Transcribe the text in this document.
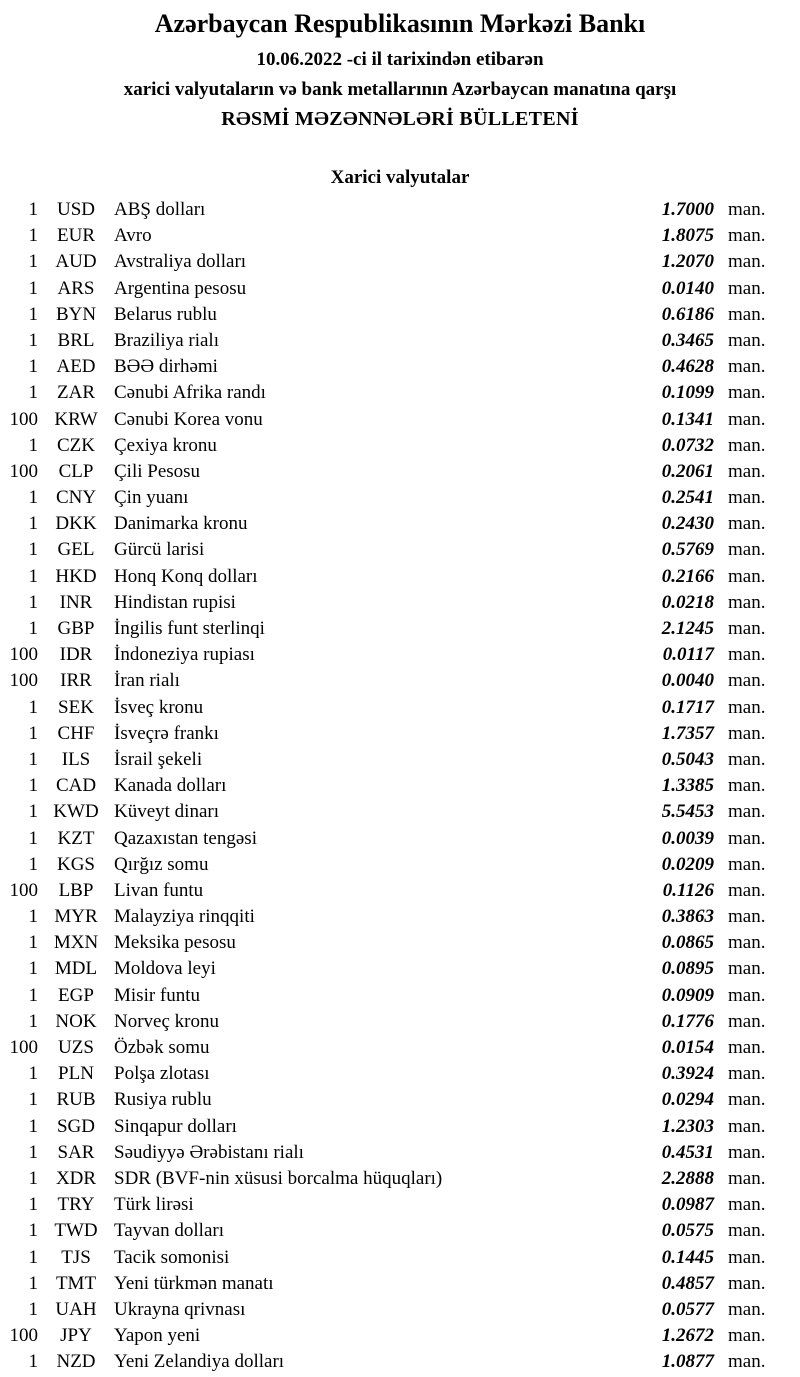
Azərbaycan Respublikasının Mərkəzi Bankı
10.06.2022 -ci il tarixindən etibarən
xarici valyutaların və bank metallarının Azərbaycan manatına qarşı
RƏSMİ MƏZƏNNƏLƏRİ BÜLLETENİ
Xarici valyutalar
1 USD	ABŞ dolları	1.7000 man.
1	EUR	Avro	1.8075 man.
1 AUD Avstraliya dolları	1.2070 man.
1	ARS	Argentina pesosu	0.0140 man.
1 BYN Belarus rublu	0.6186 man.
1	BRL	Braziliya rialı	0.3465 man.
1 AED BƏƏ dirhəmi	0.4628 man.
1	ZAR	Cənubi Afrika randı	0.1099 man.
100 KRW Cənubi Korea vonu	0.1341 man.
1	CZK	Çexiya kronu	0.0732 man.
100	CLP	Çili Pesosu	0.2061 man.
1 CNY Çin yuanı	0.2541 man.
1 DKK Danimarka kronu	0.2430 man.
1	GEL	Gürcü larisi	0.5769 man.
1 HKD Honq Konq dolları	0.2166 man.
1	INR	Hindistan rupisi	0.0218 man.
1	GBP	İngilis funt sterlinqi	2.1245 man.
100	IDR	İndoneziya rupiası	0.0117 man.
100	IRR	İran rialı	0.0040 man.
1	SEK	İsveç kronu	0.1717 man.
1	CHF	İsveçrə frankı	1.7357 man.
1	ILS	İsrail şekeli	0.5043 man.
1 CAD Kanada dolları	1.3385 man.
1 KWD Küveyt dinarı	5.5453 man.
1	KZT	Qazaxıstan tengəsi	0.0039 man.
1 KGS	Qırğız somu	0.0209 man.
100	LBP	Livan funtu	0.1126 man.
1 MYR Malayziya rinqqiti	0.3863 man.
1 MXN Meksika pesosu	0.0865 man.
1 MDL Moldova leyi	0.0895 man.
1	EGP	Misir funtu	0.0909 man.
1 NOK Norveç kronu	0.1776 man.
100	UZS	Özbək somu	0.0154 man.
1	PLN	Polşa zlotası	0.3924 man.
1 RUB Rusiya rublu	0.0294 man.
1 SGD	Sinqapur dolları	1.2303 man.
1	SAR	Səudiyyə Ərəbistanı rialı	0.4531 man.
1 XDR SDR (BVF-nin xüsusi borcalma hüquqları)	2.2888 man.
1	TRY	Türk lirəsi	0.0987 man.
1 TWD Tayvan dolları	0.0575 man.
1	TJS	Tacik somonisi	0.1445 man.
1 TMT Yeni türkmən manatı	0.4857 man.
1 UAH Ukrayna qrivnası	0.0577 man.
100	JPY	Yapon yeni	1.2672 man.
1 NZD Yeni Zelandiya dolları	1.0877 man.
